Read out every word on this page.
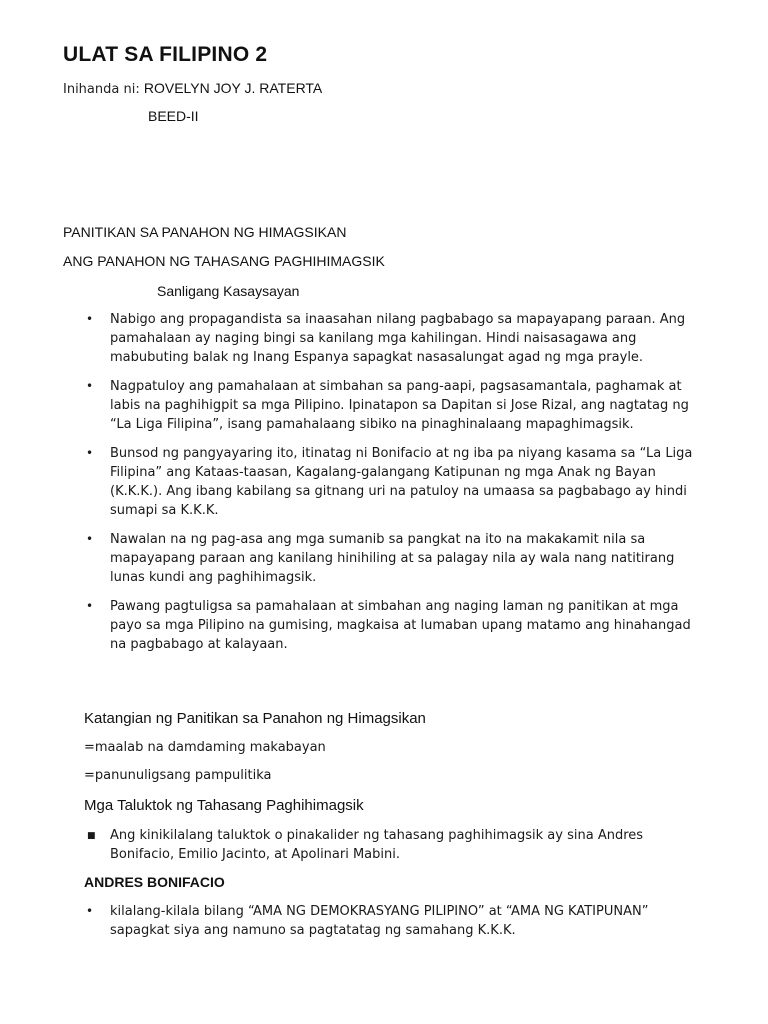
ULAT SA FILIPINO 2
Inihanda ni: ROVELYN JOY J. RATERTA
BEED-II
PANITIKAN SA PANAHON NG HIMAGSIKAN
ANG PANAHON NG TAHASANG PAGHIHIMAGSIK
Sanligang Kasaysayan
• Nabigo ang propagandista sa inaasahan nilang pagbabago sa mapayapang paraan. Ang pamahalaan ay naging bingi sa kanilang mga kahilingan. Hindi naisasagawa ang mabubuting balak ng Inang Espanya sapagkat nasasalungat agad ng mga prayle.
• Nagpatuloy ang pamahalaan at simbahan sa pang-aapi, pagsasamantala, paghamak at labis na paghihigpit sa mga Pilipino. Ipinatapon sa Dapitan si Jose Rizal, ang nagtatag ng “La Liga Filipina”, isang pamahalaang sibiko na pinaghinalaang mapaghimagsik.
• Bunsod ng pangyayaring ito, itinatag ni Bonifacio at ng iba pa niyang kasama sa “La Liga Filipina” ang Kataas-taasan, Kagalang-galangang Katipunan ng mga Anak ng Bayan (K.K.K.). Ang ibang kabilang sa gitnang uri na patuloy na umaasa sa pagbabago ay hindi sumapi sa K.K.K.
• Nawalan na ng pag-asa ang mga sumanib sa pangkat na ito na makakamit nila sa mapayapang paraan ang kanilang hinihiling at sa palagay nila ay wala nang natitirang lunas kundi ang paghihimagsik.
• Pawang pagtuligsa sa pamahalaan at simbahan ang naging laman ng panitikan at mga payo sa mga Pilipino na gumising, magkaisa at lumaban upang matamo ang hinahangad na pagbabago at kalayaan.
Katangian ng Panitikan sa Panahon ng Himagsikan
=maalab na damdaming makabayan
=panunuligsang pampulitika
Mga Taluktok ng Tahasang Paghihimagsik
■ Ang kinikilalang taluktok o pinakalider ng tahasang paghihimagsik ay sina Andres Bonifacio, Emilio Jacinto, at Apolinari Mabini.
ANDRES BONIFACIO
• kilalang-kilala bilang “AMA NG DEMOKRASYANG PILIPINO” at “AMA NG KATIPUNAN” sapagkat siya ang namuno sa pagtatatag ng samahang K.K.K.
